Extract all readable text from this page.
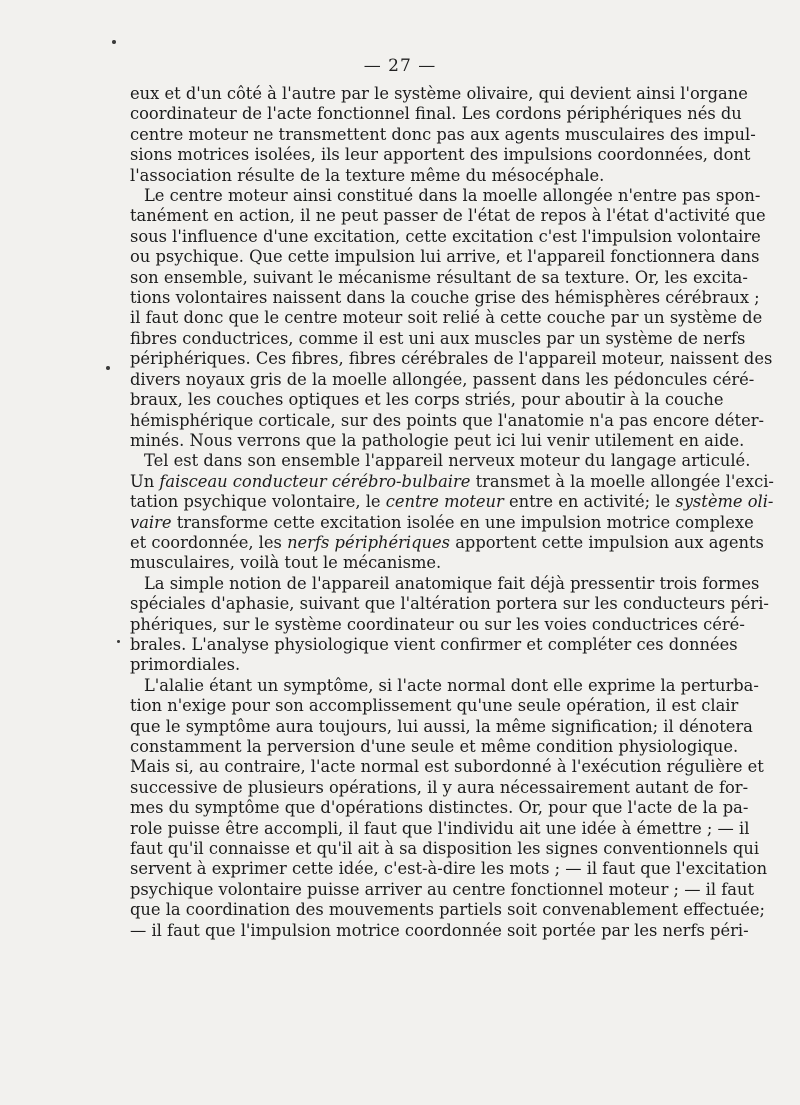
— 27 —

eux et d'un côté à l'autre par le système olivaire, qui devient ainsi l'organe
coordinateur de l'acte fonctionnel final. Les cordons périphériques nés du
centre moteur ne transmettent donc pas aux agents musculaires des impul-
sions motrices isolées, ils leur apportent des impulsions coordonnées, dont
l'association résulte de la texture même du mésocéphale.

Le centre moteur ainsi constitué dans la moelle allongée n'entre pas spon-
tanément en action, il ne peut passer de l'état de repos à l'état d'activité que
sous l'influence d'une excitation, cette excitation c'est l'impulsion volontaire
ou psychique. Que cette impulsion lui arrive, et l'appareil fonctionnera dans
son ensemble, suivant le mécanisme résultant de sa texture. Or, les excita-
tions volontaires naissent dans la couche grise des hémisphères cérébraux ;
il faut donc que le centre moteur soit relié à cette couche par un système de
fibres conductrices, comme il est uni aux muscles par un système de nerfs
périphériques. Ces fibres, fibres cérébrales de l'appareil moteur, naissent des
divers noyaux gris de la moelle allongée, passent dans les pédoncules céré-
braux, les couches optiques et les corps striés, pour aboutir à la couche
hémisphérique corticale, sur des points que l'anatomie n'a pas encore déter-
minés. Nous verrons que la pathologie peut ici lui venir utilement en aide.

Tel est dans son ensemble l'appareil nerveux moteur du langage articulé.
Un faisceau conducteur cérébro-bulbaire transmet à la moelle allongée l'exci-
tation psychique volontaire, le centre moteur entre en activité; le système oli-
vaire transforme cette excitation isolée en une impulsion motrice complexe
et coordonnée, les nerfs périphériques apportent cette impulsion aux agents
musculaires, voilà tout le mécanisme.

La simple notion de l'appareil anatomique fait déjà pressentir trois formes
spéciales d'aphasie, suivant que l'altération portera sur les conducteurs péri-
phériques, sur le système coordinateur ou sur les voies conductrices céré-
brales. L'analyse physiologique vient confirmer et compléter ces données
primordiales.

L'alalie étant un symptôme, si l'acte normal dont elle exprime la perturba-
tion n'exige pour son accomplissement qu'une seule opération, il est clair
que le symptôme aura toujours, lui aussi, la même signification; il dénotera
constamment la perversion d'une seule et même condition physiologique.
Mais si, au contraire, l'acte normal est subordonné à l'exécution régulière et
successive de plusieurs opérations, il y aura nécessairement autant de for-
mes du symptôme que d'opérations distinctes. Or, pour que l'acte de la pa-
role puisse être accompli, il faut que l'individu ait une idée à émettre ; — il
faut qu'il connaisse et qu'il ait à sa disposition les signes conventionnels qui
servent à exprimer cette idée, c'est-à-dire les mots ; — il faut que l'excitation
psychique volontaire puisse arriver au centre fonctionnel moteur ; — il faut
que la coordination des mouvements partiels soit convenablement effectuée;
— il faut que l'impulsion motrice coordonnée soit portée par les nerfs péri-
